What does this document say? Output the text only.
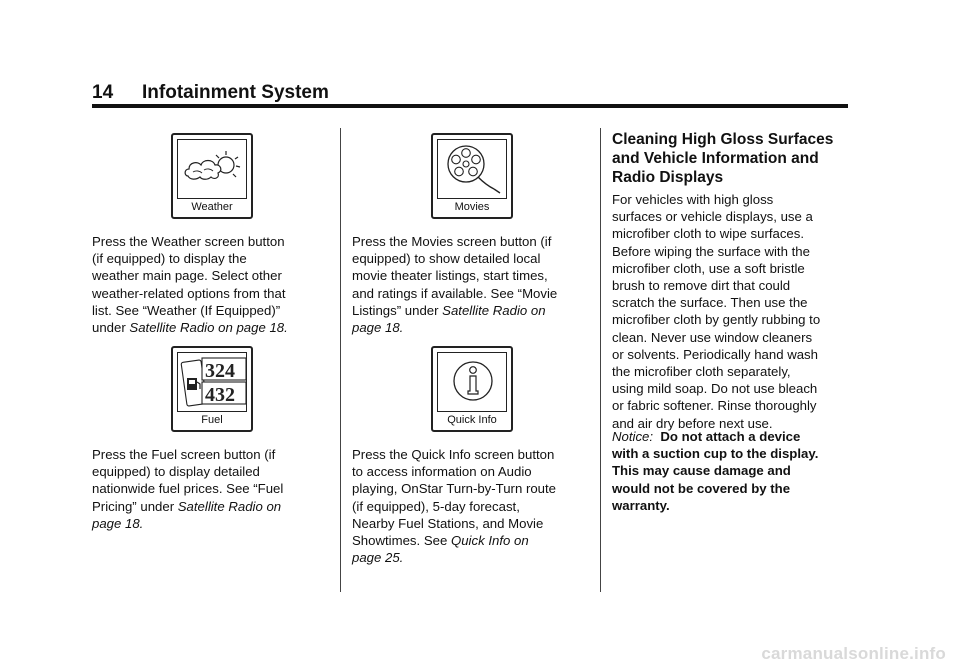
14 Infotainment System
Weather
Press the Weather screen button
(if equipped) to display the
weather main page. Select other
weather-related options from that
list. See “Weather (If Equipped)”
under Satellite Radio on page 18.
324
432
Fuel
Press the Fuel screen button (if
equipped) to display detailed
nationwide fuel prices. See “Fuel
Pricing” under Satellite Radio on
page 18.
Movies
Press the Movies screen button (if
equipped) to show detailed local
movie theater listings, start times,
and ratings if available. See “Movie
Listings” under Satellite Radio on
page 18.
Quick Info
Press the Quick Info screen button
to access information on Audio
playing, OnStar Turn-by-Turn route
(if equipped), 5-day forecast,
Nearby Fuel Stations, and Movie
Showtimes. See Quick Info on
page 25.
Cleaning High Gloss Surfaces
and Vehicle Information and
Radio Displays
For vehicles with high gloss
surfaces or vehicle displays, use a
microfiber cloth to wipe surfaces.
Before wiping the surface with the
microfiber cloth, use a soft bristle
brush to remove dirt that could
scratch the surface. Then use the
microfiber cloth by gently rubbing to
clean. Never use window cleaners
or solvents. Periodically hand wash
the microfiber cloth separately,
using mild soap. Do not use bleach
or fabric softener. Rinse thoroughly
and air dry before next use.
Notice: Do not attach a device
with a suction cup to the display.
This may cause damage and
would not be covered by the
warranty.
carmanualsonline.info
